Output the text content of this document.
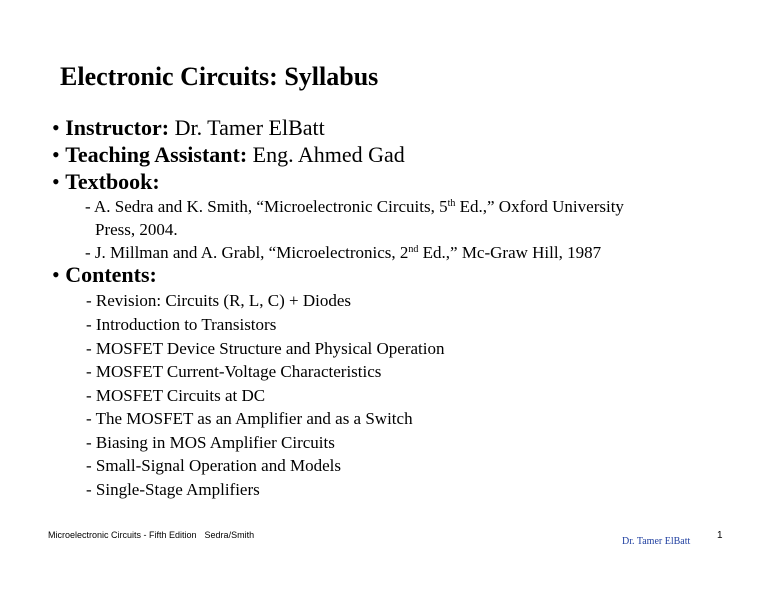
Electronic Circuits: Syllabus
• Instructor: Dr. Tamer ElBatt
• Teaching Assistant: Eng. Ahmed Gad
• Textbook:
- A. Sedra and K. Smith, “Microelectronic Circuits, 5th Ed.,” Oxford University
Press, 2004.
- J. Millman and A. Grabl, “Microelectronics, 2nd Ed.,” Mc-Graw Hill, 1987
• Contents:
- Revision: Circuits (R, L, C) + Diodes
- Introduction to Transistors
- MOSFET Device Structure and Physical Operation
- MOSFET Current-Voltage Characteristics
- MOSFET Circuits at DC
- The MOSFET as an Amplifier and as a Switch
- Biasing in MOS Amplifier Circuits
- Small-Signal Operation and Models
- Single-Stage Amplifiers
Microelectronic Circuits - Fifth Edition Sedra/Smith
Dr. Tamer ElBatt
1
